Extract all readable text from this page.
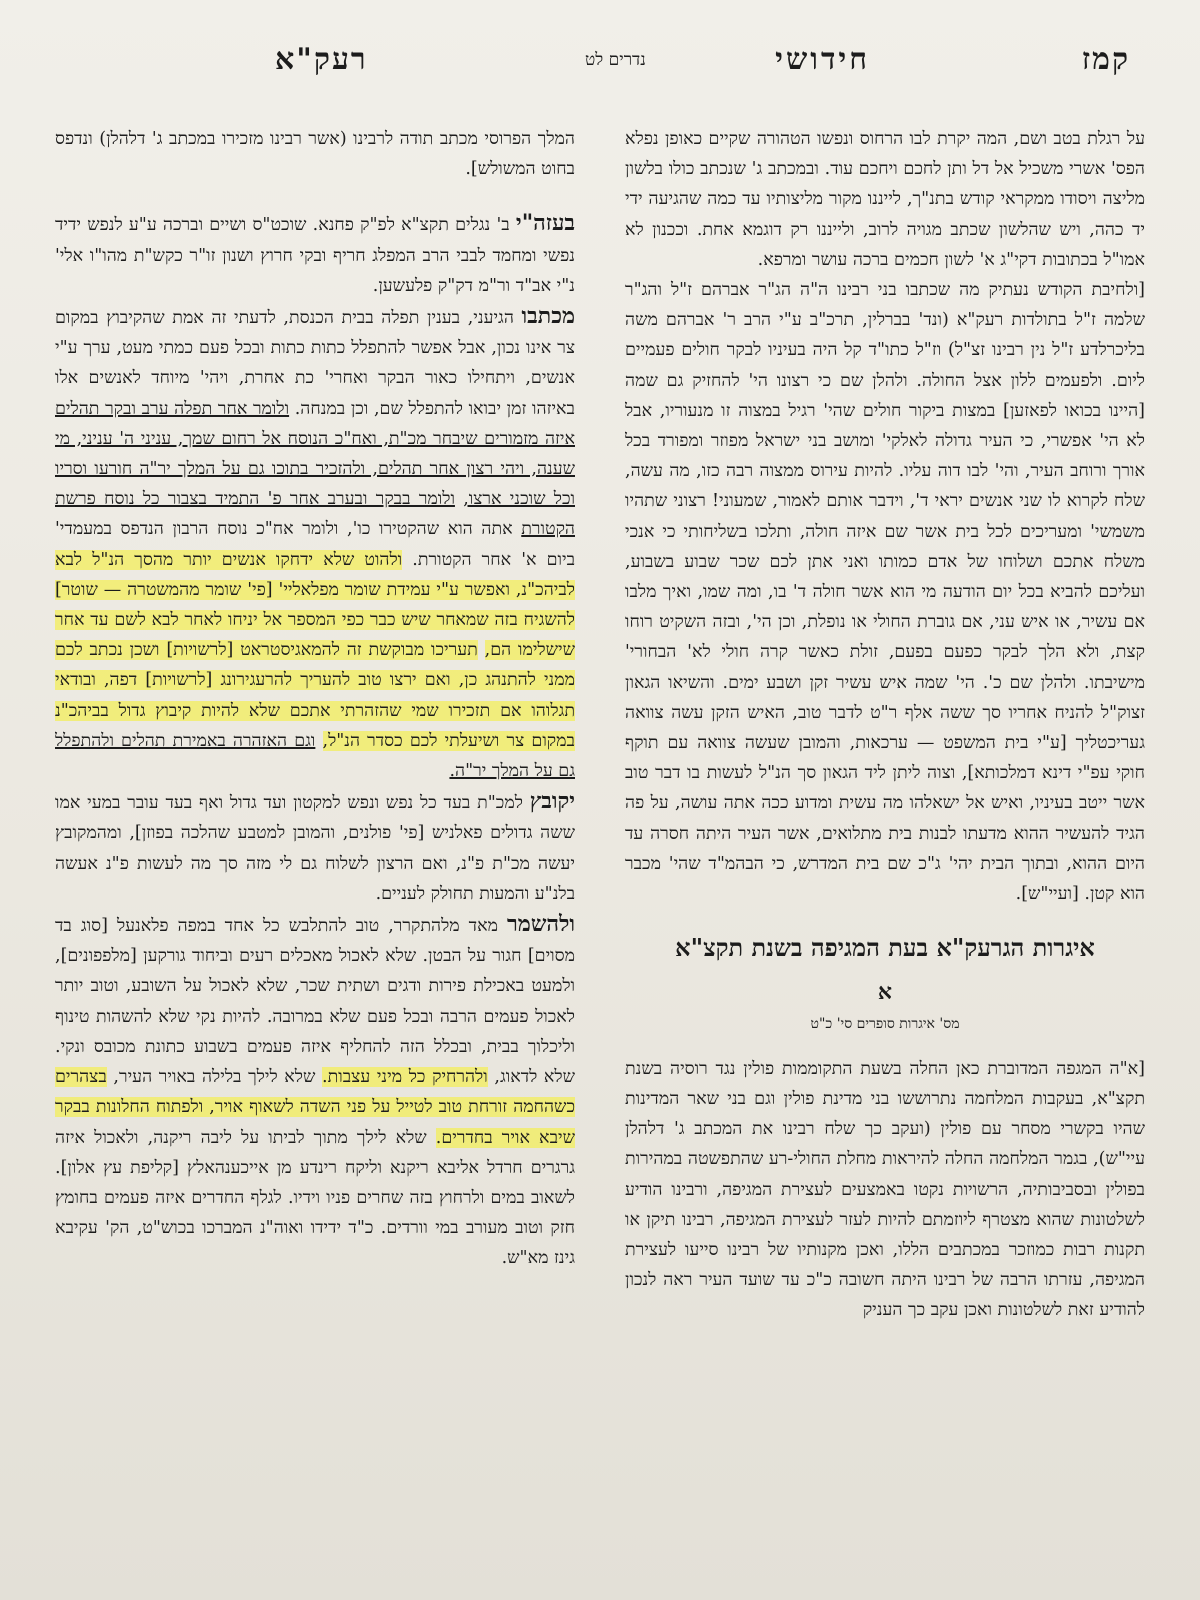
קמז
חידושי
נדרים לט
רעק"א

על רגלת בטב ושם, המה יקרת לבו הרחוס ונפשו הטהורה שקיים כאופן נפלא הפס' אשרי משכיל אל דל ותן לחכם ויחכם עוד. ובמכתב ג' שנכתב כולו בלשון מליצה ויסודו ממקראי קודש בתנ"ך, לייננו מקור מליצותיו עד כמה שהגיעה ידי יד כהה, ויש שהלשון שכתב מגויה לרוב, ולייננו רק דוגמא אחת. וככנון לא אמו"ל בכתובות דקי"ג א' לשון חכמים ברכה עושר ומרפא.

[ולחיבת הקודש נעתיק מה שכתבו בני רבינו ה"ה הג"ר אברהם ז"ל והג"ר שלמה ז"ל בתולדות רעק"א (ונד' בברלין, תרכ"ב ע"י הרב ר' אברהם משה בליכרלדע ז"ל נין רבינו זצ"ל) וז"ל כתו"ד קל היה בעיניו לבקר חולים פעמיים ליום. ולפעמים ללון אצל החולה. ולהלן שם כי רצונו הי' להחזיק גם שמה [היינו בכואו לפאזען] במצות ביקור חולים שהי' רגיל במצוה זו מנעוריו, אבל לא הי' אפשרי, כי העיר גדולה לאלקי' ומושב בני ישראל מפוזר ומפורד בכל אורך ורוחב העיר, והי' לבו דוה עליו. להיות עירוס ממצוה רבה כזו, מה עשה, שלח לקרוא לו שני אנשים יראי ד', וידבר אותם לאמור, שמעוני! רצוני שתהיו משמשי' ומעריכים לכל בית אשר שם איזה חולה, ותלכו בשליחותי כי אנכי משלח אתכם ושלוחו של אדם כמותו ואני אתן לכם שכר שבוע בשבוע, ועליכם להביא בכל יום הודעה מי הוא אשר חולה ד' בו, ומה שמו, ואיך מלבו אם עשיר, או איש עני, אם גוברת החולי או נופלת, וכן הי', ובזה השקיט רוחו קצת, ולא הלך לבקר כפעם בפעם, זולת כאשר קרה חולי לא' הבחורי' מישיבתו. ולהלן שם כ'. הי' שמה איש עשיר זקן ושבע ימים. והשיאו הגאון זצוק"ל להניח אחריו סך ששה אלף ר"ט לדבר טוב, האיש הזקן עשה צוואה געריכטליך [ע"י בית המשפט — ערכאות, והמובן שעשה צוואה עם תוקף חוקי עפ"י דינא דמלכותא], וצוה ליתן ליד הגאון סך הנ"ל לעשות בו דבר טוב אשר ייטב בעיניו, ואיש אל ישאלהו מה עשית ומדוע ככה אתה עושה, על פה הגיד להעשיר ההוא מדעתו לבנות בית מתלואים, אשר העיר היתה חסרה עד היום ההוא, ובתוך הבית יהי' ג"כ שם בית המדרש, כי הבהמ"ד שהי' מכבר הוא קטן. [ועיי"ש].

איגרות הגרעק"א בעת המגיפה בשנת תקצ"א
א
מס' איגרות סופרים סי' כ"ט

[א"ה המגפה המדוברת כאן החלה בשעת התקוממות פולין נגד רוסיה בשנת תקצ"א, בעקבות המלחמה נתרוששו בני מדינת פולין וגם בני שאר המדינות שהיו בקשרי מסחר עם פולין (ועקב כך שלח רבינו את המכתב ג' דלהלן עיי"ש), בגמר המלחמה החלה להיראות מחלת החולי-רע שהתפשטה במהירות בפולין ובסביבותיה, הרשויות נקטו באמצעים לעצירת המגיפה, ורבינו הודיע לשלטונות שהוא מצטרף ליוזמתם להיות לעזר לעצירת המגיפה, רבינו תיקן או תקנות רבות כמוזכר במכתבים הללו, ואכן מקנותיו של רבינו סייעו לעצירת המגיפה, עזרתו הרבה של רבינו היתה חשובה כ"כ עד שועד העיר ראה לנכון להודיע זאת לשלטונות ואכן עקב כך העניק

המלך הפרוסי מכתב תודה לרבינו (אשר רבינו מזכירו במכתב ג' דלהלן) ונדפס בחוט המשולש].

בעזה"י ב' נגלים תקצ"א לפ"ק פחנא. שוכט"ס ושיים וברכה ע"ע לנפש ידיד נפשי ומחמד לבבי הרב המפלג חריף ובקי חרוץ ושנון זו"ר כקש"ת מהו"ו אלי' נ"י אב"ד ור"מ דק"ק פלעשען.

מכתבו הגיעני, בענין תפלה בבית הכנסת, לדעתי זה אמת שהקיבוץ במקום צר אינו נכון, אבל אפשר להתפלל כתות כתות ובכל פעם כמתי מעט, ערך ע"י אנשים, ויתחילו כאור הבקר ואחרי' כת אחרת, ויהי' מיוחד לאנשים אלו באיזהו זמן יבואו להתפלל שם, וכן במנחה. ולומר אחר תפלה ערב ובקר תהלים איזה מזמורים שיבחר מכ"ת, ואח"כ הנוסח אל רחום שמך, עניני ה' עניני, מי שענה, ויהי רצון אחר תהלים, ולהזכיר בתוכו גם על המלך יר"ה חורעו וסריו וכל שוכני ארצו, ולומר בבקר ובערב אחר פ' התמיד בצבור כל נוסח פרשת הקטורת אתה הוא שהקטירו כו', ולומר אח"כ נוסח הרבון הנדפס במעמדי' ביום א' אחר הקטורת. ולהוט שלא ידחקו אנשים יותר מהסך הנ"ל לבא לביהכ"נ, ואפשר ע"י עמידת שומר מפלאליי' [פי' שומר מהמשטרה — שוטר] להשגיח בזה שמאחר שיש כבר כפי המספר אל יניחו לאחר לבא לשם עד אחר שישלימו הם, תעריכו מבוקשת זה להמאגיסטראט [לרשויות] ושכן נכתב לכם ממני להתנהג כן, ואם ירצו טוב להעריך להרעגירונג [לרשויות] דפה, ובודאי תגלוהו אם תזכירו שמי שהזהרתי אתכם שלא להיות קיבוץ גדול בביהכ"נ במקום צר ושיעלתי לכם כסדר הנ"ל, וגם האזהרה באמירת תהלים ולהתפלל גם על המלך יר"ה.

יקובץ למכ"ת בעד כל נפש ונפש למקטון ועד גדול ואף בעד עובר במעי אמו ששה גדולים פאלניש [פי' פולנים, והמובן למטבע שהלכה בפוזן], ומהמקובץ יעשה מכ"ת פ"נ, ואם הרצון לשלוח גם לי מזה סך מה לעשות פ"נ אעשה בלנ"ע והמעות תחולק לעניים.

ולהשמר מאד מלהתקרר, טוב להתלבש כל אחד במפה פלאנעל [סוג בד מסוים] חגור על הבטן. שלא לאכול מאכלים רעים וביחוד גורקען [מלפפונים], ולמעט באכילת פירות ודגים ושתית שכר, שלא לאכול על השובע, וטוב יותר לאכול פעמים הרבה ובכל פעם שלא במרובה. להיות נקי שלא להשהות טינוף וליכלוך בבית, ובכלל הזה להחליף איזה פעמים בשבוע כתונת מכובס ונקי. שלא לדאוג, ולהרחיק כל מיני עצבות. שלא לילך בלילה באויר העיר, בצהרים כשהחמה זורחת טוב לטייל על פני השדה לשאוף אויר, ולפתוח החלונות בבקר שיבא אויר בחדרים. שלא לילך מתוך לביתו על ליבה ריקנה, ולאכול איזה גרגרים חרדל אליבא ריקנא וליקח רינדע מן אייכענהאלץ [קליפת עץ אלון]. לשאוב במים ולרחוץ בזה שחרים פניו וידיו. לגלף החדרים איזה פעמים בחומץ חזק וטוב מעורב במי וורדים. כ"ד ידידו ואוה"נ המברכו בכוש"ט, הק' עקיבא גינז מא"ש.
